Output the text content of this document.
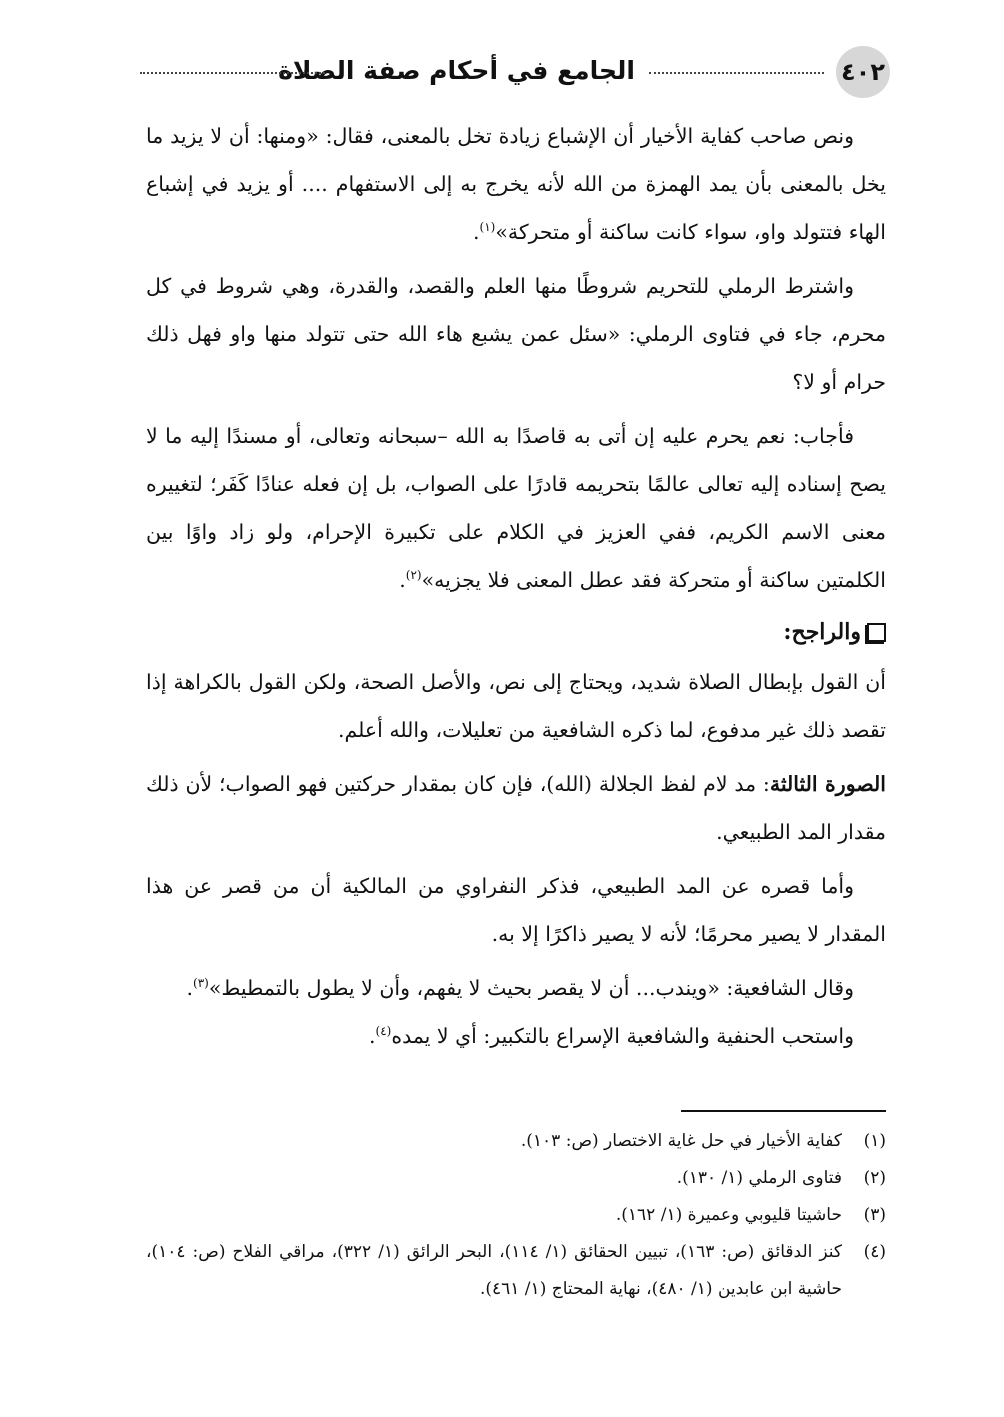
٤٠٢
الجامع في أحكام صفة الصلاة

ونص صاحب كفاية الأخيار أن الإشباع زيادة تخل بالمعنى، فقال: «ومنها: أن لا يزيد ما يخل بالمعنى بأن يمد الهمزة من الله لأنه يخرج به إلى الاستفهام .... أو يزيد في إشباع الهاء فتتولد واو، سواء كانت ساكنة أو متحركة»$^{(١)}$.

واشترط الرملي للتحريم شروطًا منها العلم والقصد، والقدرة، وهي شروط في كل محرم، جاء في فتاوى الرملي: «سئل عمن يشبع هاء الله حتى تتولد منها واو فهل ذلك حرام أو لا؟

فأجاب: نعم يحرم عليه إن أتى به قاصدًا به الله –سبحانه وتعالى، أو مسندًا إليه ما لا يصح إسناده إليه تعالى عالمًا بتحريمه قادرًا على الصواب، بل إن فعله عنادًا كَفَر؛ لتغييره معنى الاسم الكريم، ففي العزيز في الكلام على تكبيرة الإحرام، ولو زاد واوًا بين الكلمتين ساكنة أو متحركة فقد عطل المعنى فلا يجزيه»$^{(٢)}$.

والراجح:

أن القول بإبطال الصلاة شديد، ويحتاج إلى نص، والأصل الصحة، ولكن القول بالكراهة إذا تقصد ذلك غير مدفوع، لما ذكره الشافعية من تعليلات، والله أعلم.

الصورة الثالثة: مد لام لفظ الجلالة (الله)، فإن كان بمقدار حركتين فهو الصواب؛ لأن ذلك مقدار المد الطبيعي.

وأما قصره عن المد الطبيعي، فذكر النفراوي من المالكية أن من قصر عن هذا المقدار لا يصير محرمًا؛ لأنه لا يصير ذاكرًا إلا به.

وقال الشافعية: «ويندب... أن لا يقصر بحيث لا يفهم، وأن لا يطول بالتمطيط»$^{(٣)}$.

واستحب الحنفية والشافعية الإسراع بالتكبير: أي لا يمده$^{(٤)}$.

(١)
كفاية الأخيار في حل غاية الاختصار (ص: ١٠٣).
(٢)
فتاوى الرملي (١/ ١٣٠).
(٣)
حاشيتا قليوبي وعميرة (١/ ١٦٢).
(٤)
كنز الدقائق (ص: ١٦٣)، تبيين الحقائق (١/ ١١٤)، البحر الرائق (١/ ٣٢٢)، مراقي الفلاح (ص: ١٠٤)، حاشية ابن عابدين (١/ ٤٨٠)، نهاية المحتاج (١/ ٤٦١).
